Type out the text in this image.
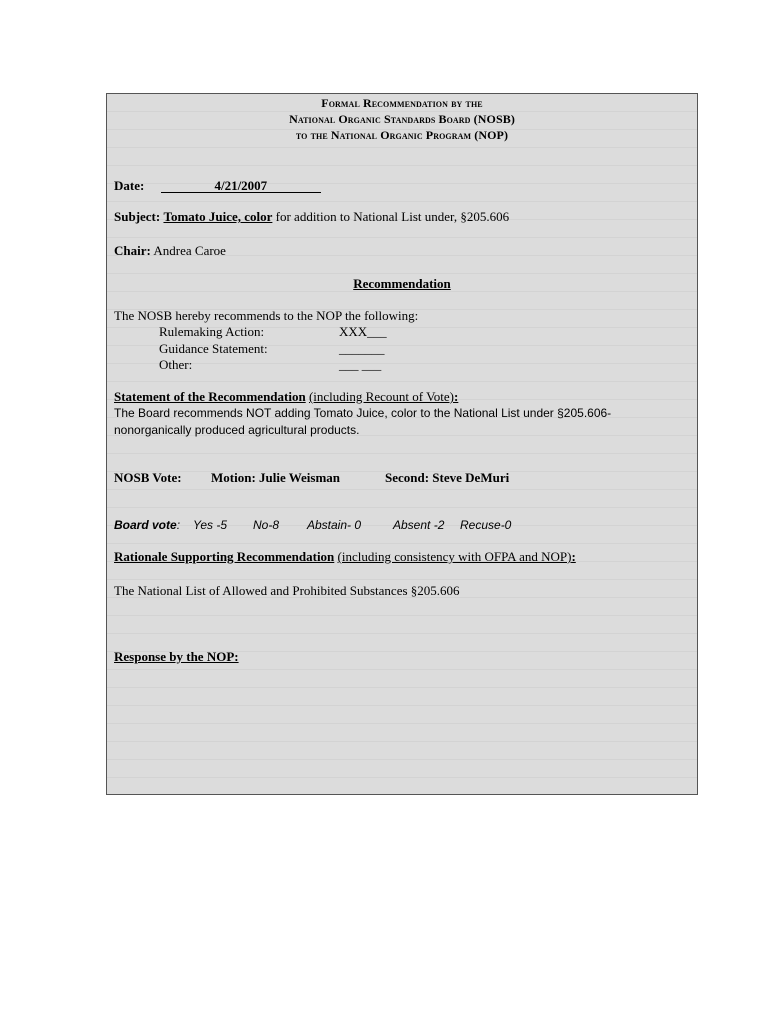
Formal Recommendation by the
National Organic Standards Board (NOSB)
to the National Organic Program (NOP)
Date:	4/21/2007
Subject: Tomato Juice, color for addition to National List under, §205.606
Chair: Andrea Caroe
Recommendation
The NOSB hereby recommends to the NOP the following:
Rulemaking Action:	XXX___
Guidance Statement:	_______
Other:	___ ___
Statement of the Recommendation (including Recount of Vote):
The Board recommends NOT adding Tomato Juice, color to the National List under §205.606-
nonorganically produced agricultural products.
NOSB Vote: Motion: Julie Weisman	Second: Steve DeMuri
Board vote: Yes -5 No-8 Abstain- 0	Absent -2 Recuse-0
Rationale Supporting Recommendation (including consistency with OFPA and NOP):
The National List of Allowed and Prohibited Substances §205.606
Response by the NOP:
